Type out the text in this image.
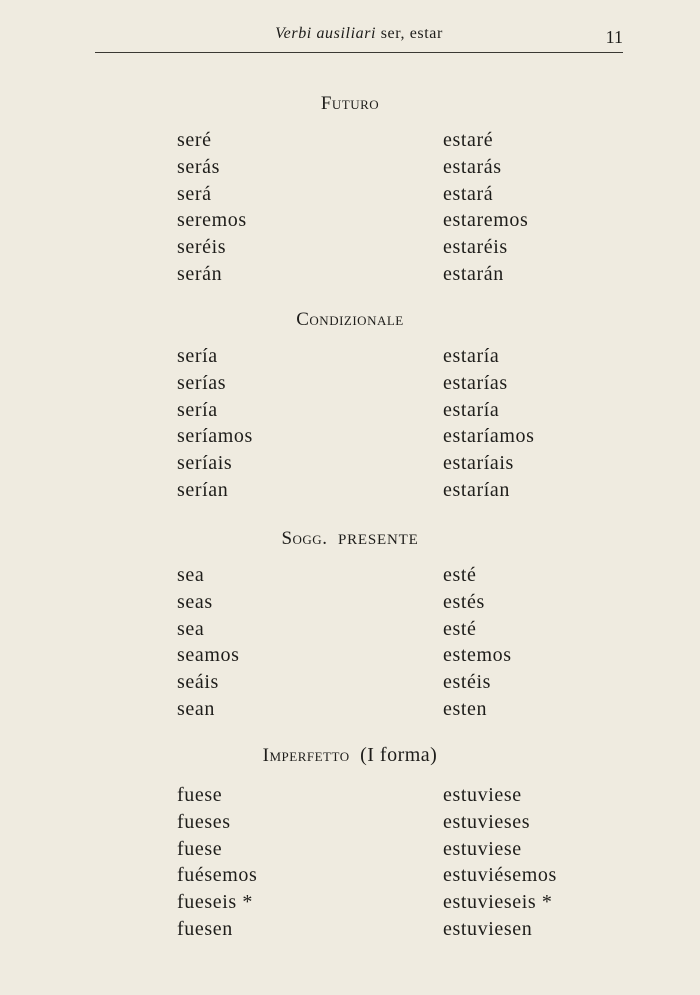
Verbi ausiliari ser, estar	11
Futuro
seré	estaré
serás	estarás
será	estará
seremos	estaremos
seréis	estaréis
serán	estarán
Condizionale
sería	estaría
serías	estarías
sería	estaría
seríamos	estaríamos
seríais	estaríais
serían	estarían
Sogg. PRESENTE
sea	esté
seas	estés
sea	esté
seamos	estemos
seáis	estéis
sean	esten
Imperfetto (I forma)
fuese	estuviese
fueses	estuvieses
fuese	estuviese
fuésemos	estuviésemos
fueseis *	estuvieseis *
fuesen	estuviesen
